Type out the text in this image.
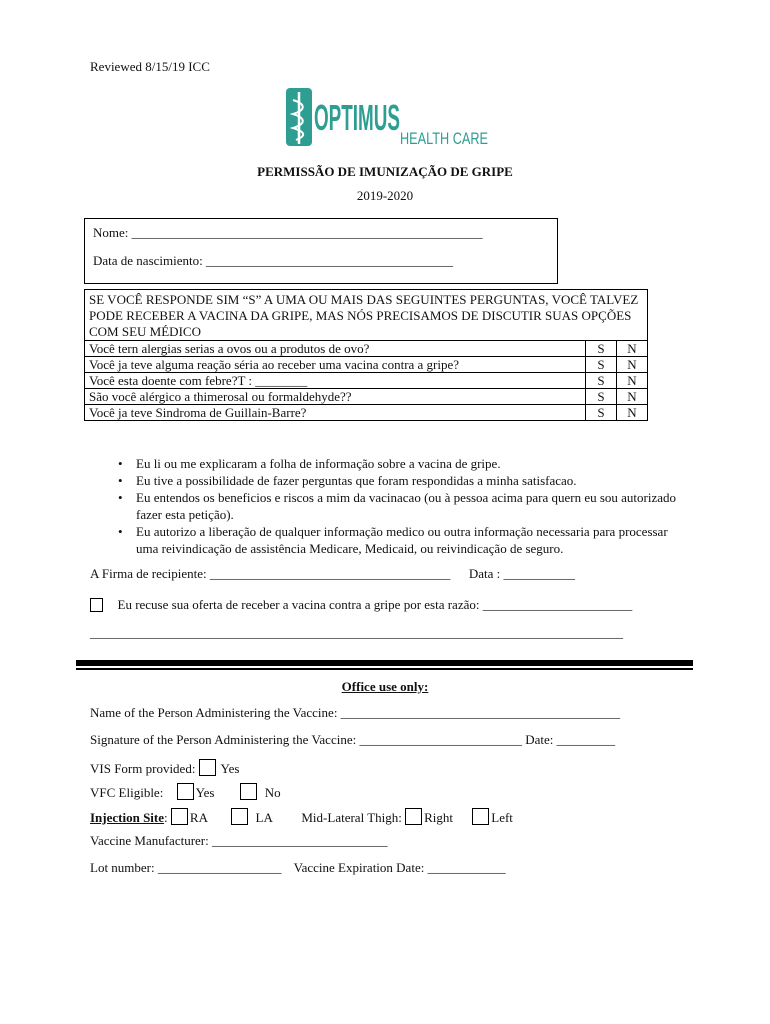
Reviewed 8/15/19 ICC
OPTIMUS
HEALTH CARE
PERMISSÃO DE IMUNIZAÇÃO DE GRIPE
2019-2020
Nome: ______________________________________________________
Data de nascimiento: ______________________________________
SE VOCÊ RESPONDE SIM “S” A UMA OU MAIS DAS SEGUINTES PERGUNTAS, VOCÊ TALVEZ PODE RECEBER A VACINA DA GRIPE, MAS NÓS PRECISAMOS DE DISCUTIR SUAS OPÇÕES COM SEU MÉDICO		
Você tern alergias serias a ovos ou a produtos de ovo?	S	N
Você ja teve alguma reação séria ao receber uma vacina contra a gripe?	S	N
Você esta doente com febre?T : ________	S	N
São você alérgico a thimerosal ou formaldehyde??	S	N
Você ja teve Sindroma de Guillain-Barre?	S	N
• Eu li ou me explicaram a folha de informação sobre a vacina de gripe.
• Eu tive a possibilidade de fazer perguntas que foram respondidas a minha satisfacao.
• Eu entendos os beneficios e riscos a mim da vacinacao (ou à pessoa acima para quern eu sou autorizado fazer esta petição).
• Eu autorizo a liberação de qualquer informação medico ou outra informação necessaria para processar uma reivindicação de assistência Medicare, Medicaid, ou reivindicação de seguro.
A Firma de recipiente: _____________________________________ Data : ___________
Eu recuse sua oferta de receber a vacina contra a gripe por esta razão: _______________________
__________________________________________________________________________________
Office use only:
Name of the Person Administering the Vaccine: ___________________________________________
Signature of the Person Administering the Vaccine: _________________________ Date: _________
VIS Form provided: Yes
VFC Eligible: Yes	No
Injection Site: RA	LA Mid-Lateral Thigh: Right	Left
Vaccine Manufacturer: ___________________________
Lot number: ___________________ Vaccine Expiration Date: ____________
